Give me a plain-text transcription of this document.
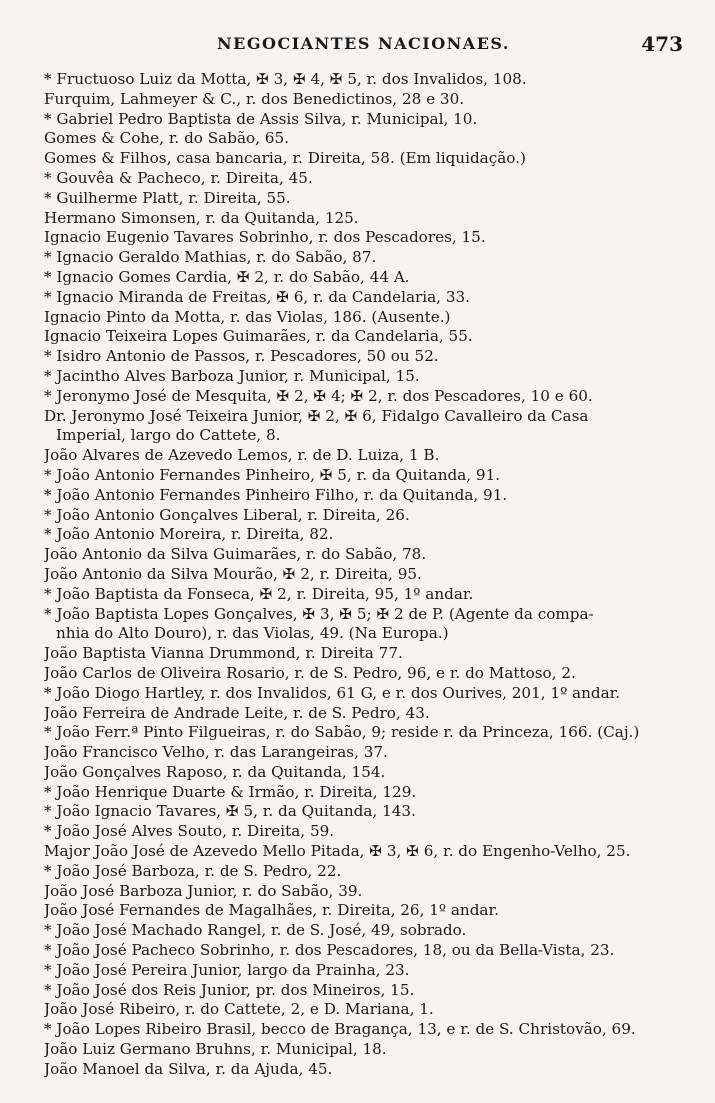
NEGOCIANTES NACIONAES.	473
* Fructuoso Luiz da Motta, ✠ 3, ✠ 4, ✠ 5, r. dos Invalidos, 108.
Furquim, Lahmeyer & C., r. dos Benedictinos, 28 e 30.
* Gabriel Pedro Baptista de Assis Silva, r. Municipal, 10.
Gomes & Cohe, r. do Sabão, 65.
Gomes & Filhos, casa bancaria, r. Direita, 58. (Em liquidação.)
* Gouvêa & Pacheco, r. Direita, 45.
* Guilherme Platt, r. Direita, 55.
Hermano Simonsen, r. da Quitanda, 125.
Ignacio Eugenio Tavares Sobrinho, r. dos Pescadores, 15.
* Ignacio Geraldo Mathias, r. do Sabão, 87.
* Ignacio Gomes Cardia, ✠ 2, r. do Sabão, 44 A.
* Ignacio Miranda de Freitas, ✠ 6, r. da Candelaria, 33.
Ignacio Pinto da Motta, r. das Violas, 186. (Ausente.)
Ignacio Teixeira Lopes Guimarães, r. da Candelaria, 55.
* Isidro Antonio de Passos, r. Pescadores, 50 ou 52.
* Jacintho Alves Barboza Junior, r. Municipal, 15.
* Jeronymo José de Mesquita, ✠ 2, ✠ 4; ✠ 2, r. dos Pescadores, 10 e 60.
Dr. Jeronymo José Teixeira Junior, ✠ 2, ✠ 6, Fidalgo Cavalleiro da Casa
Imperial, largo do Cattete, 8.
João Alvares de Azevedo Lemos, r. de D. Luiza, 1 B.
* João Antonio Fernandes Pinheiro, ✠ 5, r. da Quitanda, 91.
* João Antonio Fernandes Pinheiro Filho, r. da Quitanda, 91.
* João Antonio Gonçalves Liberal, r. Direita, 26.
* João Antonio Moreira, r. Direita, 82.
João Antonio da Silva Guimarães, r. do Sabão, 78.
João Antonio da Silva Mourão, ✠ 2, r. Direita, 95.
* João Baptista da Fonseca, ✠ 2, r. Direita, 95, 1º andar.
* João Baptista Lopes Gonçalves, ✠ 3, ✠ 5; ✠ 2 de P. (Agente da compa-
nhia do Alto Douro), r. das Violas, 49. (Na Europa.)
João Baptista Vianna Drummond, r. Direita 77.
João Carlos de Oliveira Rosario, r. de S. Pedro, 96, e r. do Mattoso, 2.
* João Diogo Hartley, r. dos Invalidos, 61 G, e r. dos Ourives, 201, 1º andar.
João Ferreira de Andrade Leite, r. de S. Pedro, 43.
* João Ferr.ª Pinto Filgueiras, r. do Sabão, 9; reside r. da Princeza, 166. (Caj.)
João Francisco Velho, r. das Larangeiras, 37.
João Gonçalves Raposo, r. da Quitanda, 154.
* João Henrique Duarte & Irmão, r. Direita, 129.
* João Ignacio Tavares, ✠ 5, r. da Quitanda, 143.
* João José Alves Souto, r. Direita, 59.
Major João José de Azevedo Mello Pitada, ✠ 3, ✠ 6, r. do Engenho-Velho, 25.
* João José Barboza, r. de S. Pedro, 22.
João José Barboza Junior, r. do Sabão, 39.
João José Fernandes de Magalhães, r. Direita, 26, 1º andar.
* João José Machado Rangel, r. de S. José, 49, sobrado.
* João José Pacheco Sobrinho, r. dos Pescadores, 18, ou da Bella-Vista, 23.
* João José Pereira Junior, largo da Prainha, 23.
* João José dos Reis Junior, pr. dos Mineiros, 15.
João José Ribeiro, r. do Cattete, 2, e D. Mariana, 1.
* João Lopes Ribeiro Brasil, becco de Bragança, 13, e r. de S. Christovão, 69.
João Luiz Germano Bruhns, r. Municipal, 18.
João Manoel da Silva, r. da Ajuda, 45.
